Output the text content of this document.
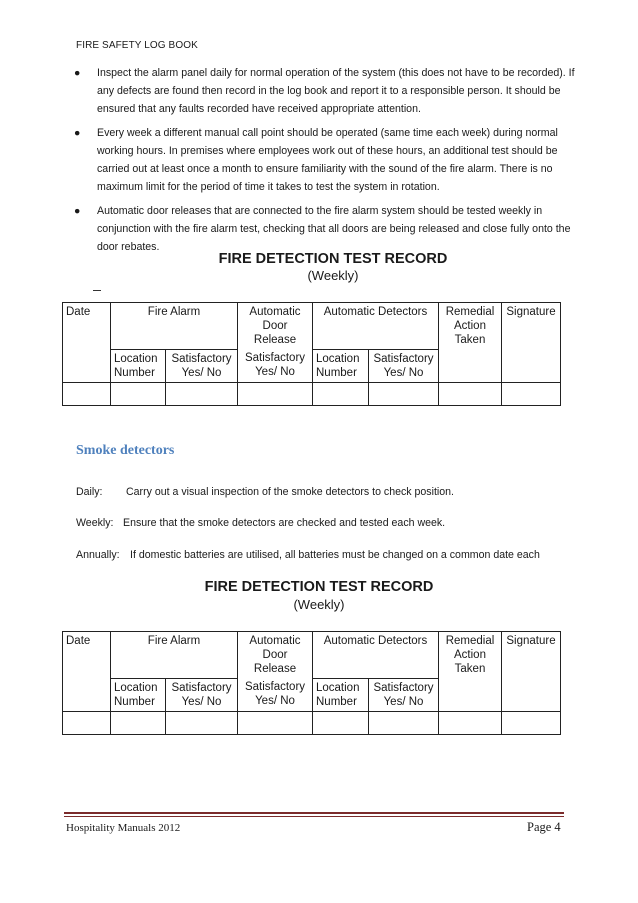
FIRE SAFETY LOG BOOK
● Inspect the alarm panel daily for normal operation of the system (this does not have to be recorded). If any defects are found then record in the log book and report it to a responsible person. It should be ensured that any faults recorded have received appropriate attention.
● Every week a different manual call point should be operated (same time each week) during normal working hours. In premises where employees work out of these hours, an additional test should be carried out at least once a month to ensure familiarity with the sound of the fire alarm. There is no maximum limit for the period of time it takes to test the system in rotation.
● Automatic door releases that are connected to the fire alarm system should be tested weekly in conjunction with the fire alarm test, checking that all doors are being released and close fully onto the door rebates.
FIRE DETECTION TEST RECORD
(Weekly)
Date	Fire Alarm		Automatic Door Release	Automatic Detectors		Remedial Action Taken	Signature
	Location Number	Satisfactory Yes/ No	Satisfactory Yes/ No	Location Number	Satisfactory Yes/ No		

Smoke detectors
Daily: Carry out a visual inspection of the smoke detectors to check position.
Weekly: Ensure that the smoke detectors are checked and tested each week.
Annually: If domestic batteries are utilised, all batteries must be changed on a common date each
FIRE DETECTION TEST RECORD
(Weekly)
Date	Fire Alarm		Automatic Door Release	Automatic Detectors		Remedial Action Taken	Signature
	Location Number	Satisfactory Yes/ No	Satisfactory Yes/ No	Location Number	Satisfactory Yes/ No		

Hospitality Manuals 2012	Page 4
